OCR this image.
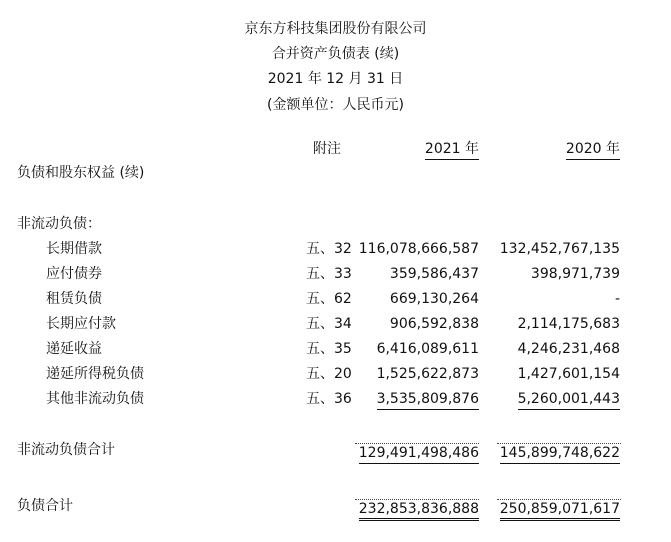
京东方科技集团股份有限公司
合并资产负债表 (续)
2021 年 12 月 31 日
(金额单位：人民币元)
附注	2021 年	2020 年
负债和股东权益 (续)
非流动负债：
长期借款	五、32 116,078,666,587 132,452,767,135
应付债券	五、33	359,586,437	398,971,739
租赁负债	五、62	669,130,264	-
长期应付款	五、34	906,592,838	2,114,175,683
递延收益	五、35 6,416,089,611	4,246,231,468
递延所得税负债	五、20 1,525,622,873	1,427,601,154
其他非流动负债	五、36 3,535,809,876	5,260,001,443
非流动负债合计	129,491,498,486 145,899,748,622
负债合计	232,853,836,888 250,859,071,617
